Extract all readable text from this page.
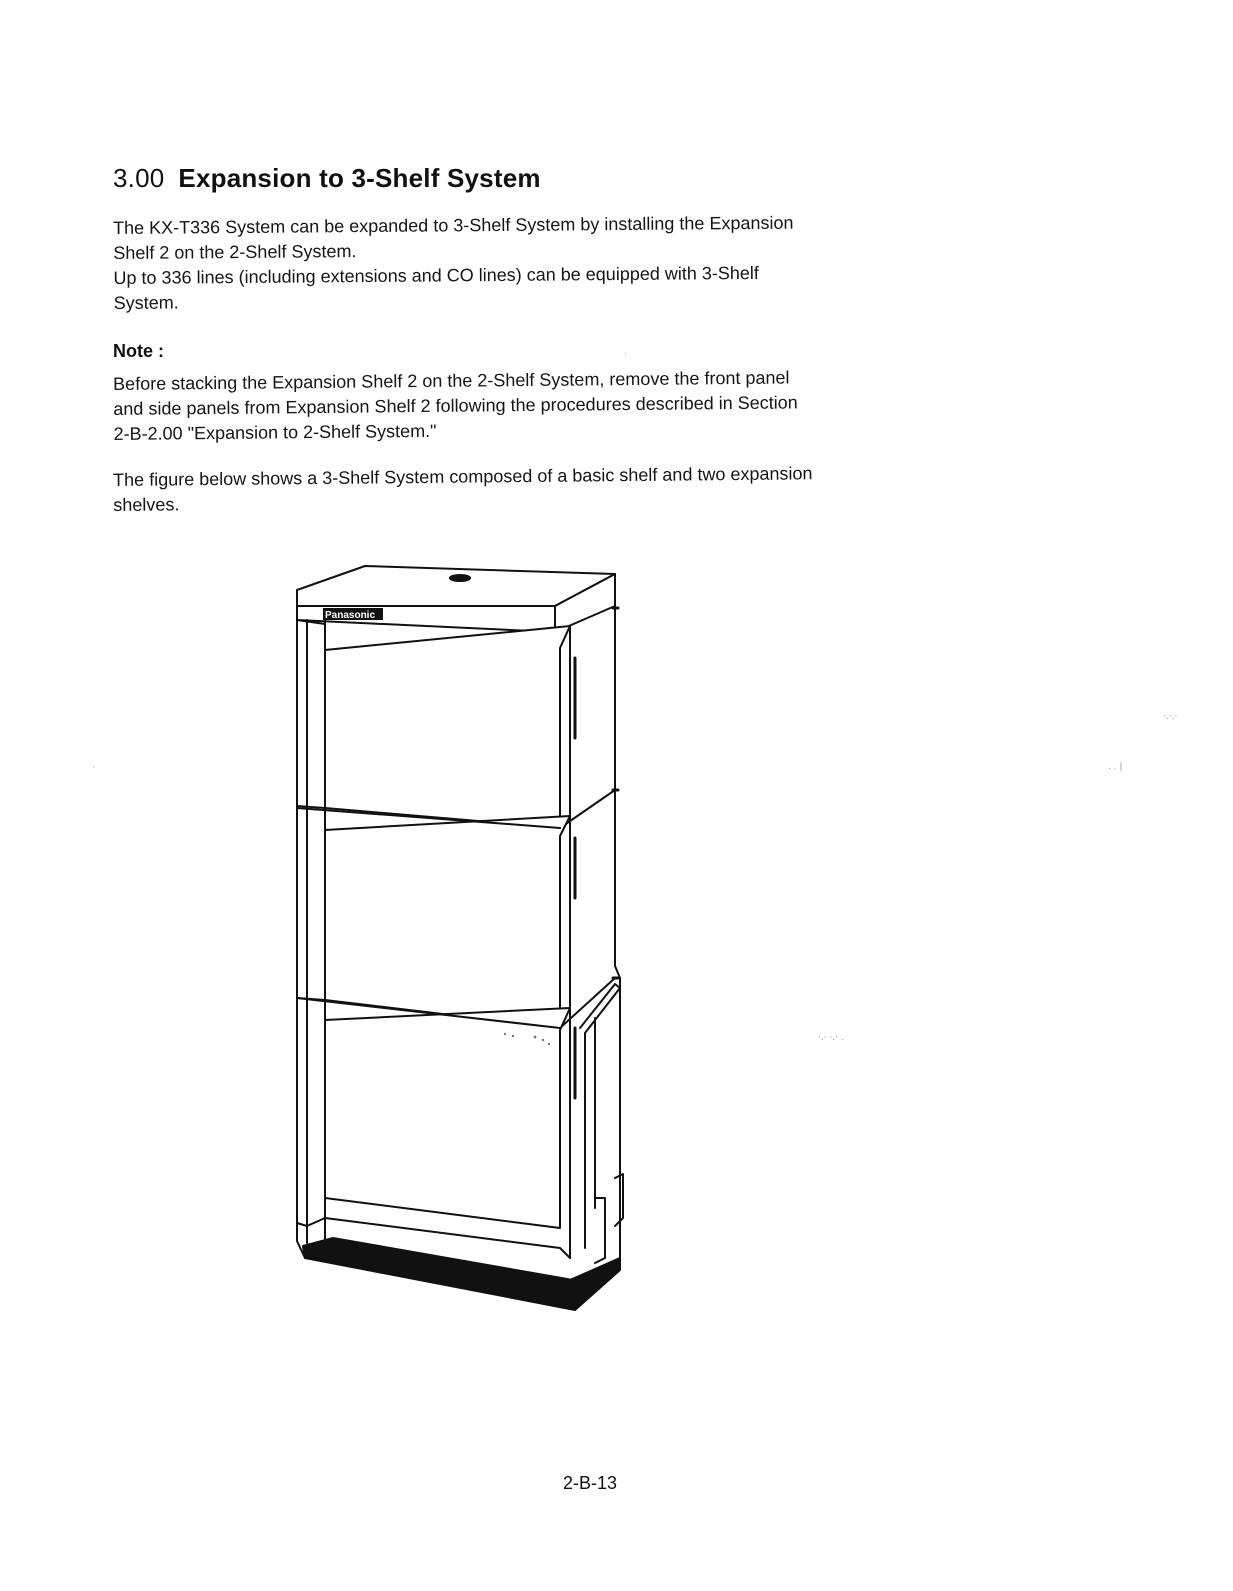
3.00 Expansion to 3-Shelf System

The KX-T336 System can be expanded to 3-Shelf System by installing the Expansion
Shelf 2 on the 2-Shelf System.
Up to 336 lines (including extensions and CO lines) can be equipped with 3-Shelf
System.

Note :

Before stacking the Expansion Shelf 2 on the 2-Shelf System, remove the front panel
and side panels from Expansion Shelf 2 following the procedures described in Section
2-B-2.00 "Expansion to 2-Shelf System."

The figure below shows a 3-Shelf System composed of a basic shelf and two expansion
shelves.

Panasonic
2-B-13
·.·.·
. . |
·.· ·.· .
·
·
